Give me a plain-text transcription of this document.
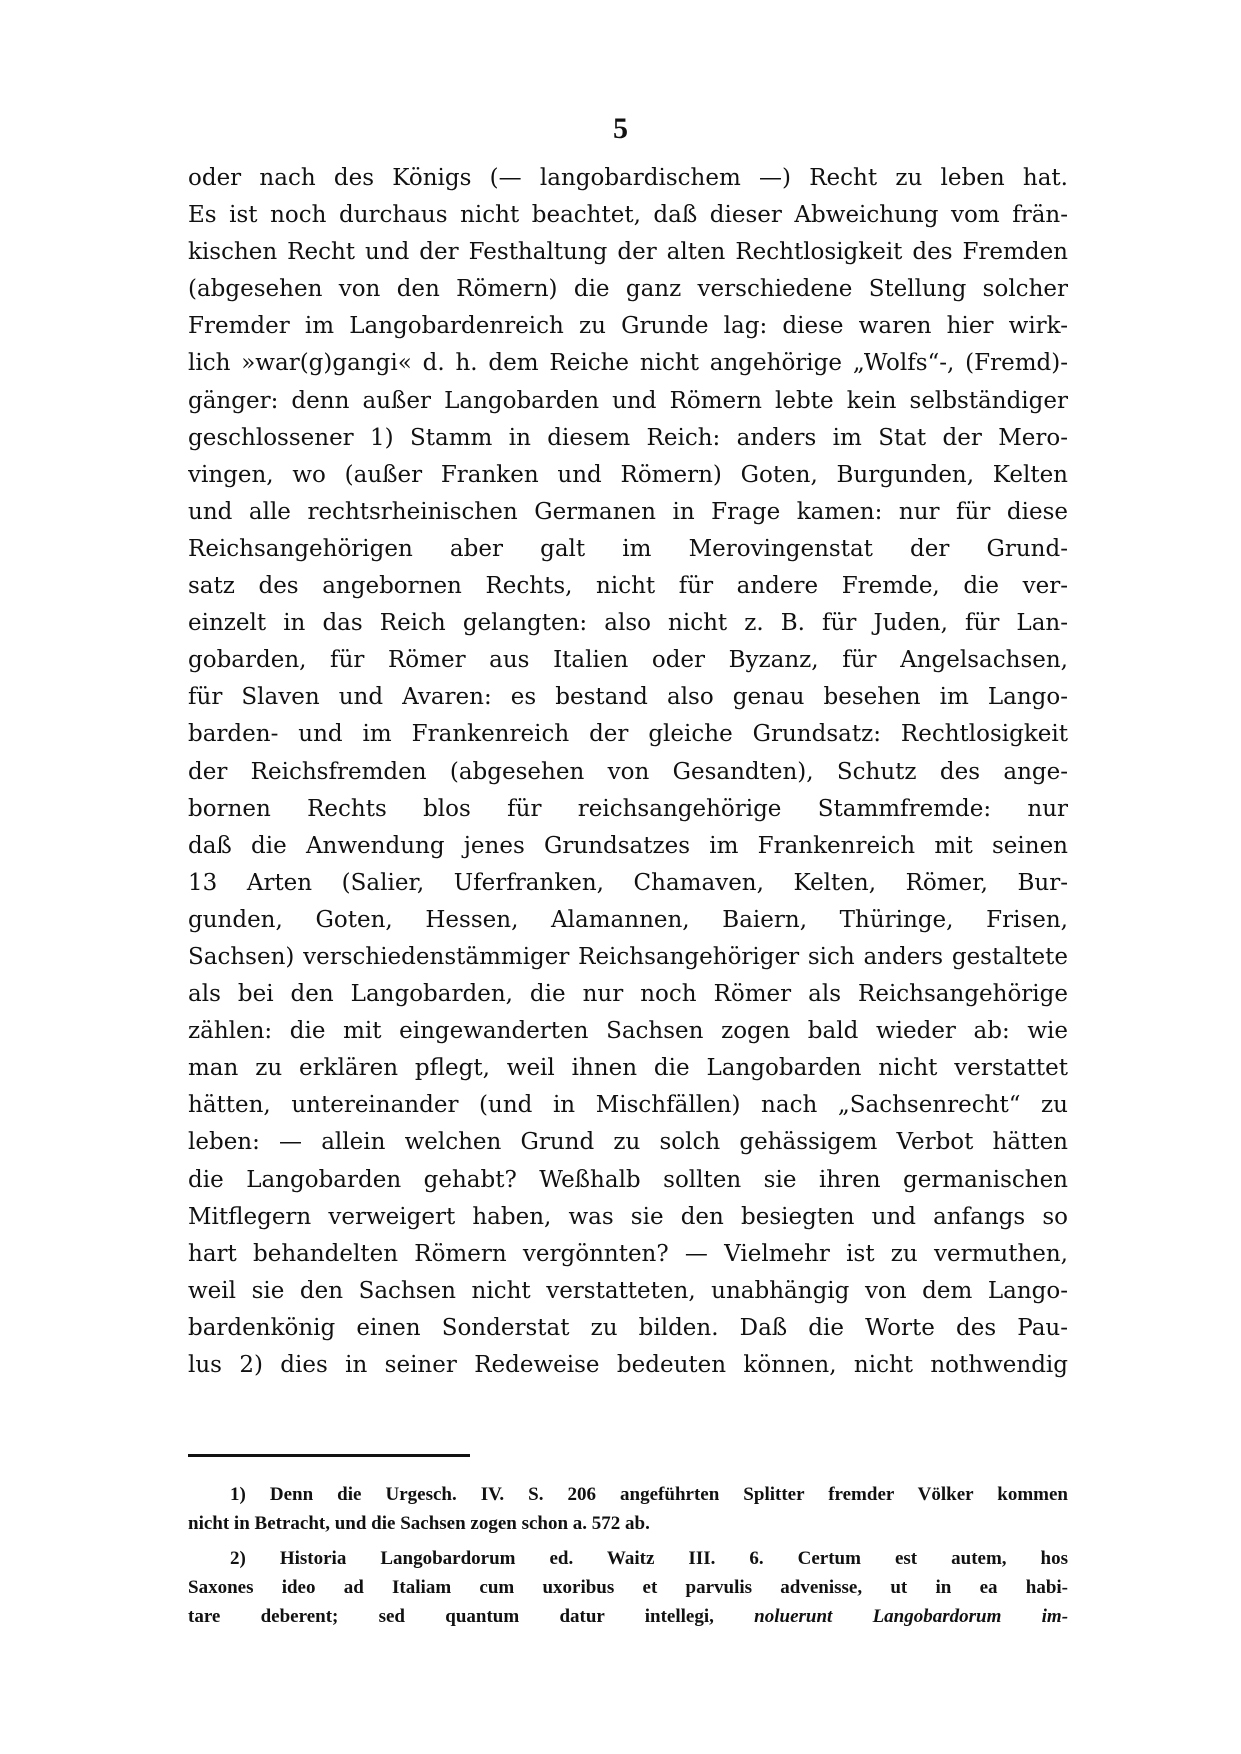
5
oder nach des Königs (— langobardischem —) Recht zu leben hat.
Es ist noch durchaus nicht beachtet, daß dieser Abweichung vom frän-
kischen Recht und der Festhaltung der alten Rechtlosigkeit des Fremden
(abgesehen von den Römern) die ganz verschiedene Stellung solcher
Fremder im Langobardenreich zu Grunde lag: diese waren hier wirk-
lich »war(g)gangi« d. h. dem Reiche nicht angehörige „Wolfs“-, (Fremd)-
gänger: denn außer Langobarden und Römern lebte kein selbständiger
geschlossener 1) Stamm in diesem Reich: anders im Stat der Mero-
vingen, wo (außer Franken und Römern) Goten, Burgunden, Kelten
und alle rechtsrheinischen Germanen in Frage kamen: nur für diese
Reichsangehörigen aber galt im Merovingenstat der Grund-
satz des angebornen Rechts, nicht für andere Fremde, die ver-
einzelt in das Reich gelangten: also nicht z. B. für Juden, für Lan-
gobarden, für Römer aus Italien oder Byzanz, für Angelsachsen,
für Slaven und Avaren: es bestand also genau besehen im Lango-
barden- und im Frankenreich der gleiche Grundsatz: Rechtlosigkeit
der Reichsfremden (abgesehen von Gesandten), Schutz des ange-
bornen Rechts blos für reichsangehörige Stammfremde: nur
daß die Anwendung jenes Grundsatzes im Frankenreich mit seinen
13 Arten (Salier, Uferfranken, Chamaven, Kelten, Römer, Bur-
gunden, Goten, Hessen, Alamannen, Baiern, Thüringe, Frisen,
Sachsen) verschiedenstämmiger Reichsangehöriger sich anders gestaltete
als bei den Langobarden, die nur noch Römer als Reichsangehörige
zählen: die mit eingewanderten Sachsen zogen bald wieder ab: wie
man zu erklären pflegt, weil ihnen die Langobarden nicht verstattet
hätten, untereinander (und in Mischfällen) nach „Sachsenrecht“ zu
leben: — allein welchen Grund zu solch gehässigem Verbot hätten
die Langobarden gehabt? Weßhalb sollten sie ihren germanischen
Mitflegern verweigert haben, was sie den besiegten und anfangs so
hart behandelten Römern vergönnten? — Vielmehr ist zu vermuthen,
weil sie den Sachsen nicht verstatteten, unabhängig von dem Lango-
bardenkönig einen Sonderstat zu bilden. Daß die Worte des Pau-
lus 2) dies in seiner Redeweise bedeuten können, nicht nothwendig
1) Denn die Urgesch. IV. S. 206 angeführten Splitter fremder Völker kommen
nicht in Betracht, und die Sachsen zogen schon a. 572 ab.
2) Historia Langobardorum ed. Waitz III. 6. Certum est autem, hos
Saxones ideo ad Italiam cum uxoribus et parvulis advenisse, ut in ea habi-
tare deberent; sed quantum datur intellegi, noluerunt Langobardorum im-
